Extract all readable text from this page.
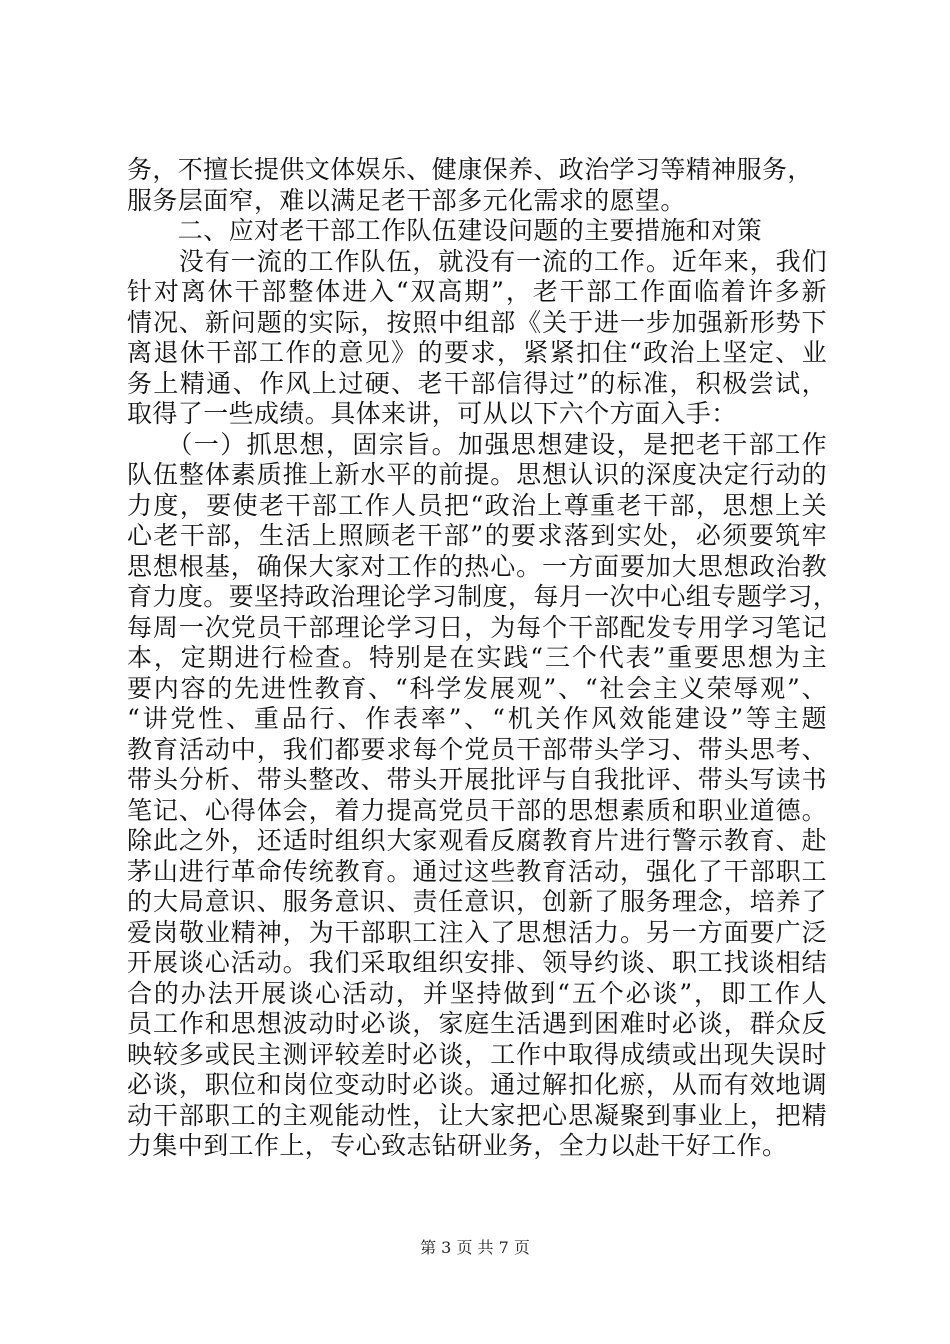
务，不擅长提供文体娱乐、健康保养、政治学习等精神服务，
服务层面窄，难以满足老干部多元化需求的愿望。
　　二、应对老干部工作队伍建设问题的主要措施和对策
　　没有一流的工作队伍，就没有一流的工作。近年来，我们
针对离休干部整体进入“双高期”，老干部工作面临着许多新
情况、新问题的实际，按照中组部《关于进一步加强新形势下
离退休干部工作的意见》的要求，紧紧扣住“政治上坚定、业
务上精通、作风上过硬、老干部信得过”的标准，积极尝试，
取得了一些成绩。具体来讲，可从以下六个方面入手：
　　（一）抓思想，固宗旨。加强思想建设，是把老干部工作
队伍整体素质推上新水平的前提。思想认识的深度决定行动的
力度，要使老干部工作人员把“政治上尊重老干部，思想上关
心老干部，生活上照顾老干部”的要求落到实处，必须要筑牢
思想根基，确保大家对工作的热心。一方面要加大思想政治教
育力度。要坚持政治理论学习制度，每月一次中心组专题学习，
每周一次党员干部理论学习日，为每个干部配发专用学习笔记
本，定期进行检查。特别是在实践“三个代表”重要思想为主
要内容的先进性教育、“科学发展观”、“社会主义荣辱观”、
“讲党性、重品行、作表率”、“机关作风效能建设”等主题
教育活动中，我们都要求每个党员干部带头学习、带头思考、
带头分析、带头整改、带头开展批评与自我批评、带头写读书
笔记、心得体会，着力提高党员干部的思想素质和职业道德。
除此之外，还适时组织大家观看反腐教育片进行警示教育、赴
茅山进行革命传统教育。通过这些教育活动，强化了干部职工
的大局意识、服务意识、责任意识，创新了服务理念，培养了
爱岗敬业精神，为干部职工注入了思想活力。另一方面要广泛
开展谈心活动。我们采取组织安排、领导约谈、职工找谈相结
合的办法开展谈心活动，并坚持做到“五个必谈”，即工作人
员工作和思想波动时必谈，家庭生活遇到困难时必谈，群众反
映较多或民主测评较差时必谈，工作中取得成绩或出现失误时
必谈，职位和岗位变动时必谈。通过解扣化瘀，从而有效地调
动干部职工的主观能动性，让大家把心思凝聚到事业上，把精
力集中到工作上，专心致志钻研业务，全力以赴干好工作。
第 3 页 共 7 页
